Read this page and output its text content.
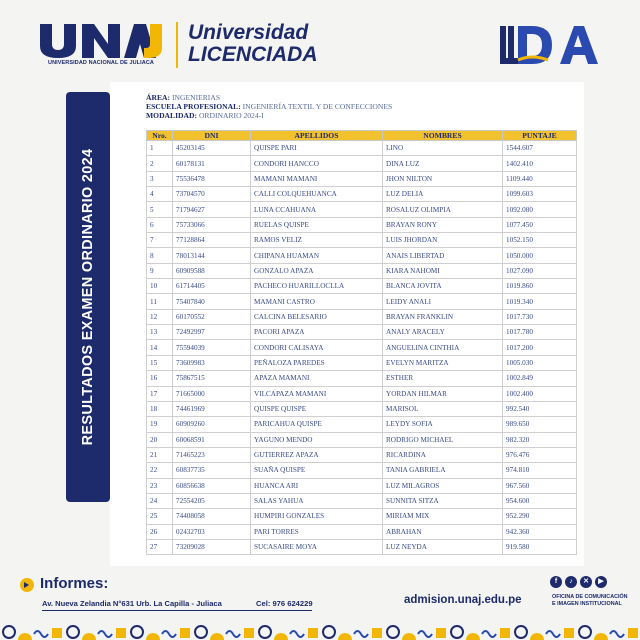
UNIVERSIDAD NACIONAL DE JULIACA
Universidad
LICENCIADA
RESULTADOS EXAMEN ORDINARIO 2024
ÁREA: INGENIERIAS
ESCUELA PROFESIONAL: INGENIERÍA TEXTIL Y DE CONFECCIONES
MODALIDAD: ORDINARIO 2024-I
Nro.	DNI	APELLIDOS	NOMBRES	PUNTAJE
1	45203145	QUISPE PARI	LINO	1544.607
2	60178131	CONDORI HANCCO	DINA LUZ	1402.410
3	75536478	MAMANI MAMANI	JHON NILTON	1109.440
4	73704570	CALLI COLQUEHUANCA	LUZ DELIA	1099.603
5	71794627	LUNA CCAHUANA	ROSALUZ OLIMPIA	1092.080
6	75733066	RUELAS QUISPE	BRAYAN RONY	1077.450
7	77128864	RAMOS VELIZ	LUIS JHORDAN	1052.150
8	78013144	CHIPANA HUAMAN	ANAIS LIBERTAD	1050.000
9	60909588	GONZALO APAZA	KIARA NAHOMI	1027.090
10	61714405	PACHECO HUARILLOCLLA	BLANCA JOVITA	1019.860
11	75407840	MAMANI CASTRO	LEIDY ANALI	1019.340
12	60170552	CALCINA BELESARIO	BRAYAN FRANKLIN	1017.730
13	72492997	PACORI APAZA	ANALY ARACELY	1017.780
14	75594039	CONDORI CALISAYA	ANGUELINA CINTHIA	1017.200
15	73609983	PEÑALOZA PAREDES	EVELYN MARITZA	1005.030
16	75867515	APAZA MAMANI	ESTHER	1002.849
17	71665000	VILCAPAZA MAMANI	YORDAN HILMAR	1002.400
18	74461969	QUISPE QUISPE	MARISOL	992.540
19	60909260	PARICAHUA QUISPE	LEYDY SOFIA	989.650
20	60068591	YAGUNO MENDO	RODRIGO MICHAEL	982.320
21	71465223	GUTIERREZ APAZA	RICARDINA	976.476
22	60837735	SUAÑA QUISPE	TANIA GABRIELA	974.810
23	60856638	HUANCA ARI	LUZ MILAGROS	967.560
24	72554205	SALAS YAHUA	SUNNITA SITZA	954.600
25	74408058	HUMPIRI GONZALES	MIRIAM MIX	952.290
26	02432703	PARI TORRES	ABRAHAN	942.360
27	73209028	SUCASAIRE MOYA	LUZ NEYDA	919.580
Informes:
Av. Nueva Zelandia N°631 Urb. La Capilla - Juliaca	Cel: 976 624229	admision.unaj.edu.pe
f	♪	✕	▶
OFICINA DE COMUNICACIÓN
E IMAGEN INSTITUCIONAL
